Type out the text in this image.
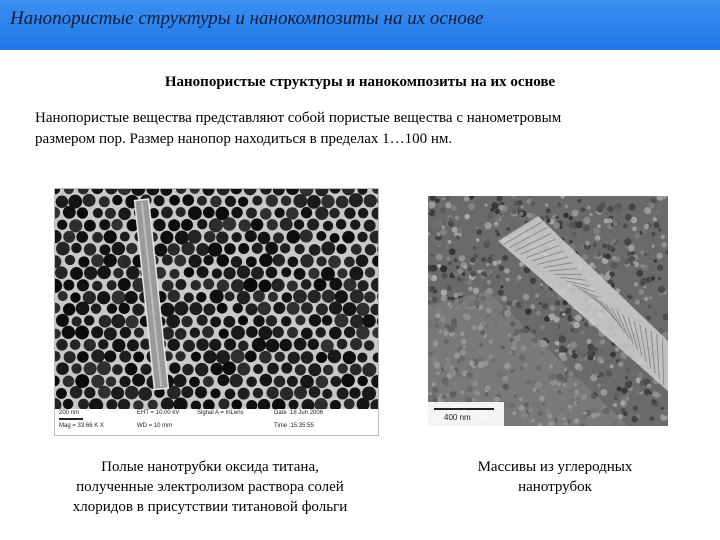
Нанопористые структуры и нанокомпозиты на их основе
Нанопористые структуры и нанокомпозиты на их основе
Нанопористые вещества представляют собой пористые вещества с нанометровым
размером пор. Размер нанопор находиться в пределах 1…100 нм.
200 nm
Mag = 33.66 K X
EHT = 10.00 kV
WD = 10 mm
Signal A = InLens	Date :18 Jun 2006
Time :15:35:55
400 nm
Полые нанотрубки оксида титана,
полученные электролизом раствора солей
хлоридов в присутствии титановой фольги
Массивы из углеродных
нанотрубок
